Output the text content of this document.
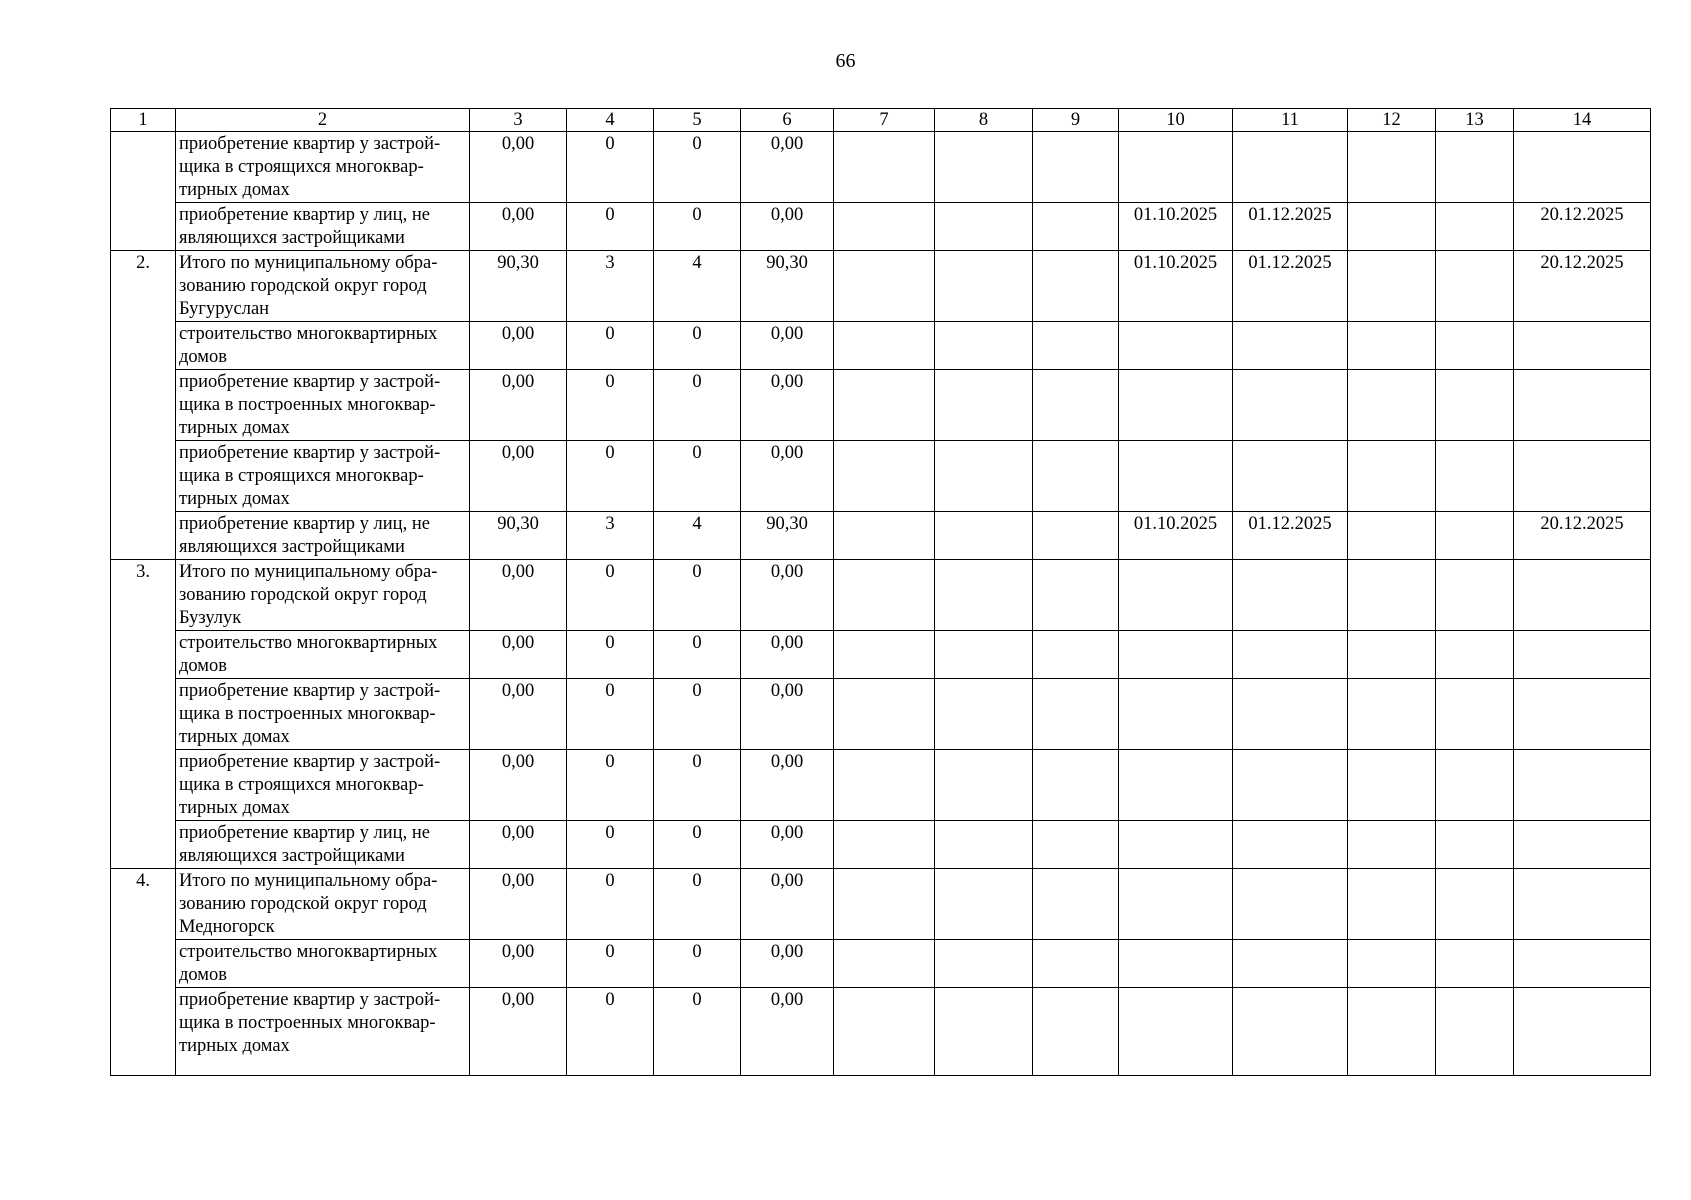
66
1	2	3	4	5	6	7	8	9	10	11	12	13	14
	приобретение квартир у застрой-щика в строящихся многоквар-тирных домах	0,00	0	0	0,00								
	приобретение квартир у лиц, не являющихся застройщиками	0,00	0	0	0,00				01.10.2025	01.12.2025			20.12.2025
2.	Итого по муниципальному обра-зованию городской округ город Бугуруслан	90,30	3	4	90,30				01.10.2025	01.12.2025			20.12.2025
	строительство многоквартирных домов	0,00	0	0	0,00								
	приобретение квартир у застрой-щика в построенных многоквар-тирных домах	0,00	0	0	0,00								
	приобретение квартир у застрой-щика в строящихся многоквар-тирных домах	0,00	0	0	0,00								
	приобретение квартир у лиц, не являющихся застройщиками	90,30	3	4	90,30				01.10.2025	01.12.2025			20.12.2025
3.	Итого по муниципальному обра-зованию городской округ город Бузулук	0,00	0	0	0,00								
	строительство многоквартирных домов	0,00	0	0	0,00								
	приобретение квартир у застрой-щика в построенных многоквар-тирных домах	0,00	0	0	0,00								
	приобретение квартир у застрой-щика в строящихся многоквар-тирных домах	0,00	0	0	0,00								
	приобретение квартир у лиц, не являющихся застройщиками	0,00	0	0	0,00								
4.	Итого по муниципальному обра-зованию городской округ город Медногорск	0,00	0	0	0,00								
	строительство многоквартирных домов	0,00	0	0	0,00								
	приобретение квартир у застрой-щика в построенных многоквар-тирных домах	0,00	0	0	0,00								
